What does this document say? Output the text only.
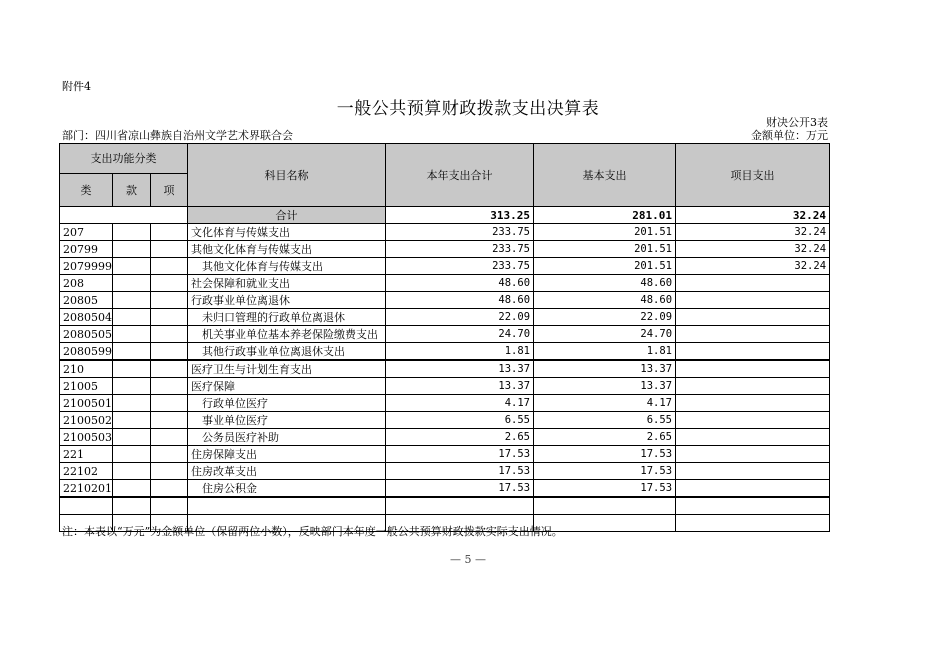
附件4
一般公共预算财政拨款支出决算表
财决公开3表
部门：四川省凉山彝族自治州文学艺术界联合会	金额单位：万元
支出功能分类			科目名称	本年支出合计	基本支出	项目支出
类	款	项				
			合计	313.25	281.01	32.24
207			文化体育与传媒支出	233.75	201.51	32.24
20799			其他文化体育与传媒支出	233.75	201.51	32.24
2079999			其他文化体育与传媒支出	233.75	201.51	32.24
208			社会保障和就业支出	48.60	48.60	
20805			行政事业单位离退休	48.60	48.60	
2080504			未归口管理的行政单位离退休	22.09	22.09	
2080505			机关事业单位基本养老保险缴费支出	24.70	24.70	
2080599			其他行政事业单位离退休支出	1.81	1.81	
210			医疗卫生与计划生育支出	13.37	13.37	
21005			医疗保障	13.37	13.37	
2100501			行政单位医疗	4.17	4.17	
2100502			事业单位医疗	6.55	6.55	
2100503			公务员医疗补助	2.65	2.65	
221			住房保障支出	17.53	17.53	
22102			住房改革支出	17.53	17.53	
2210201			住房公积金	17.53	17.53	

注：本表以“万元”为金额单位（保留两位小数），反映部门本年度一般公共预算财政拨款实际支出情况。
— 5 —
